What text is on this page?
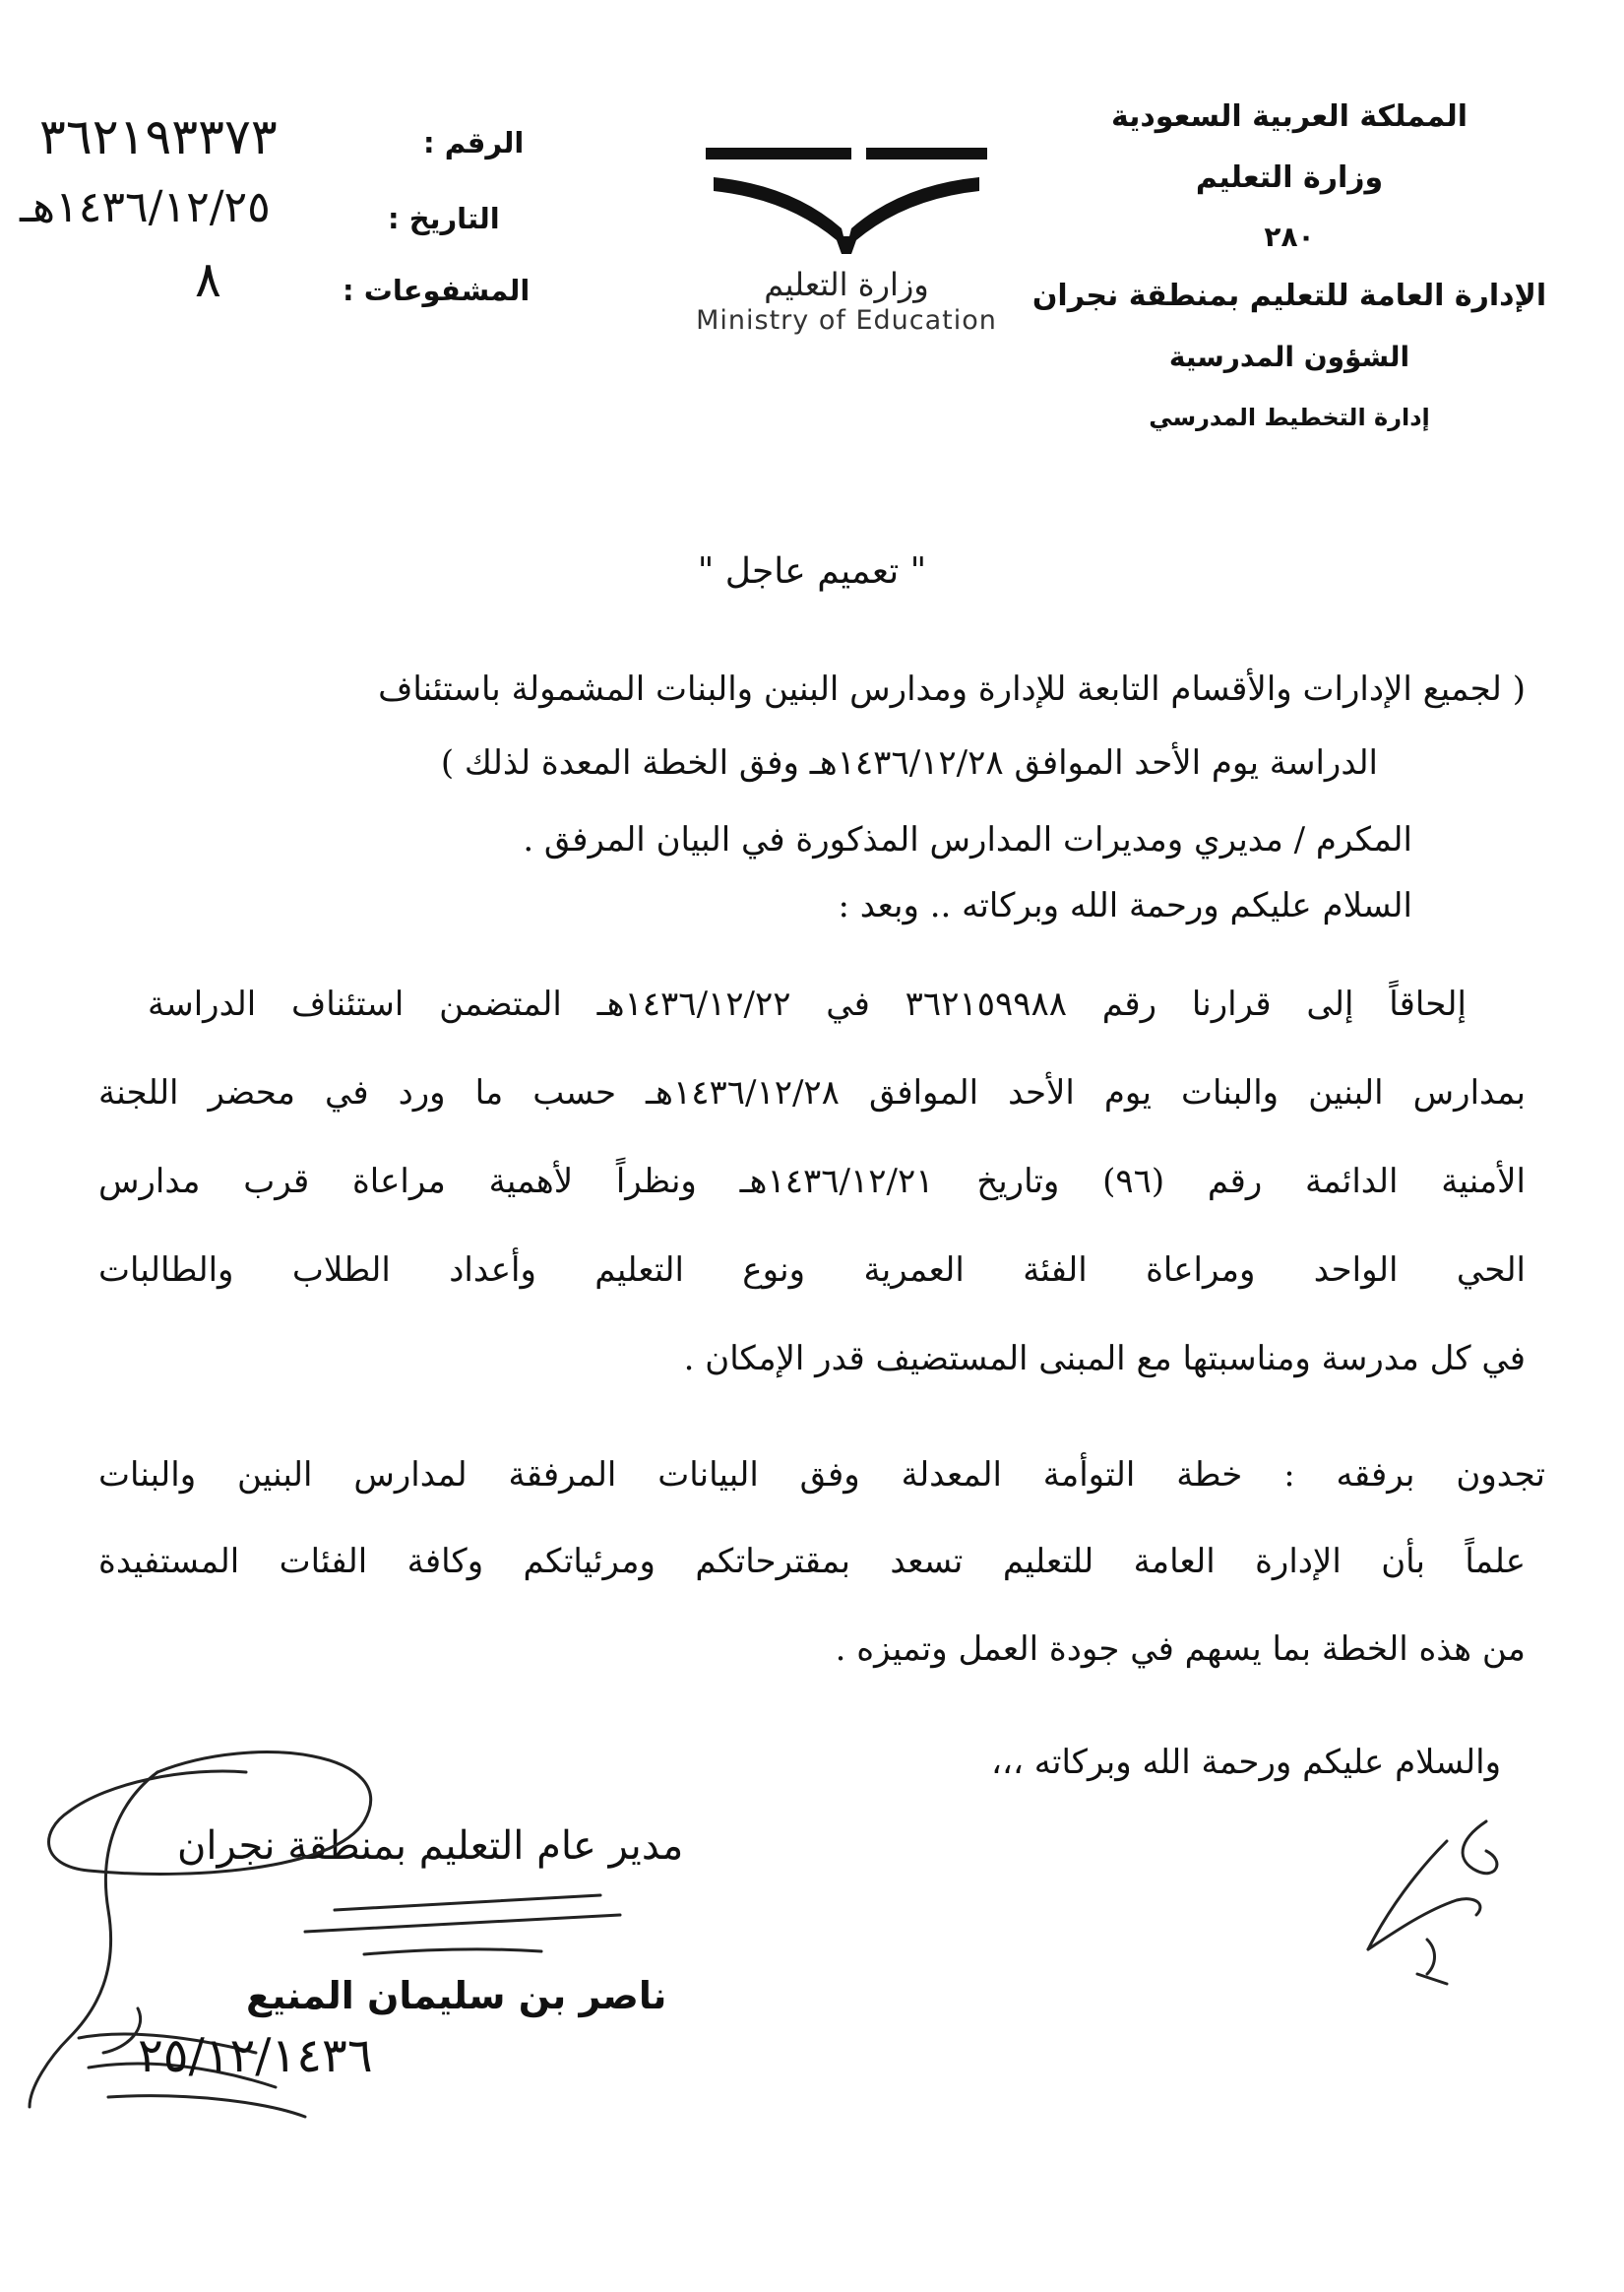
المملكة العربية السعودية
وزارة التعليم
٢٨٠
الإدارة العامة للتعليم بمنطقة نجران
الشؤون المدرسية
إدارة التخطيط المدرسي
وزارة التعليم
Ministry of Education
الرقم :
٣٦٢١٩٣٣٧٣
التاريخ :
١٤٣٦/١٢/٢٥هـ
المشفوعات :
٨
" تعميم عاجل "
( لجميع الإدارات والأقسام التابعة للإدارة ومدارس البنين والبنات المشمولة باستئناف
الدراسة يوم الأحد الموافق ١٤٣٦/١٢/٢٨هـ وفق الخطة المعدة لذلك )
المكرم / مديري ومديرات المدارس المذكورة في البيان المرفق .
السلام عليكم ورحمة الله وبركاته .. وبعد :
إلحاقاً إلى قرارنا رقم ٣٦٢١٥٩٩٨٨ في ١٤٣٦/١٢/٢٢هـ المتضمن استئناف الدراسة
بمدارس البنين والبنات يوم الأحد الموافق ١٤٣٦/١٢/٢٨هـ حسب ما ورد في محضر اللجنة
الأمنية الدائمة رقم (٩٦) وتاريخ ١٤٣٦/١٢/٢١هـ ونظراً لأهمية مراعاة قرب مدارس
الحي الواحد ومراعاة الفئة العمرية ونوع التعليم وأعداد الطلاب والطالبات
في كل مدرسة ومناسبتها مع المبنى المستضيف قدر الإمكان .
تجدون برفقه : خطة التوأمة المعدلة وفق البيانات المرفقة لمدارس البنين والبنات
علماً بأن الإدارة العامة للتعليم تسعد بمقترحاتكم ومرئياتكم وكافة الفئات المستفيدة
من هذه الخطة بما يسهم في جودة العمل وتميزه .
والسلام عليكم ورحمة الله وبركاته ،،،
مدير عام التعليم بمنطقة نجران
ناصر بن سليمان المنيع
٢٥/١٢/١٤٣٦
